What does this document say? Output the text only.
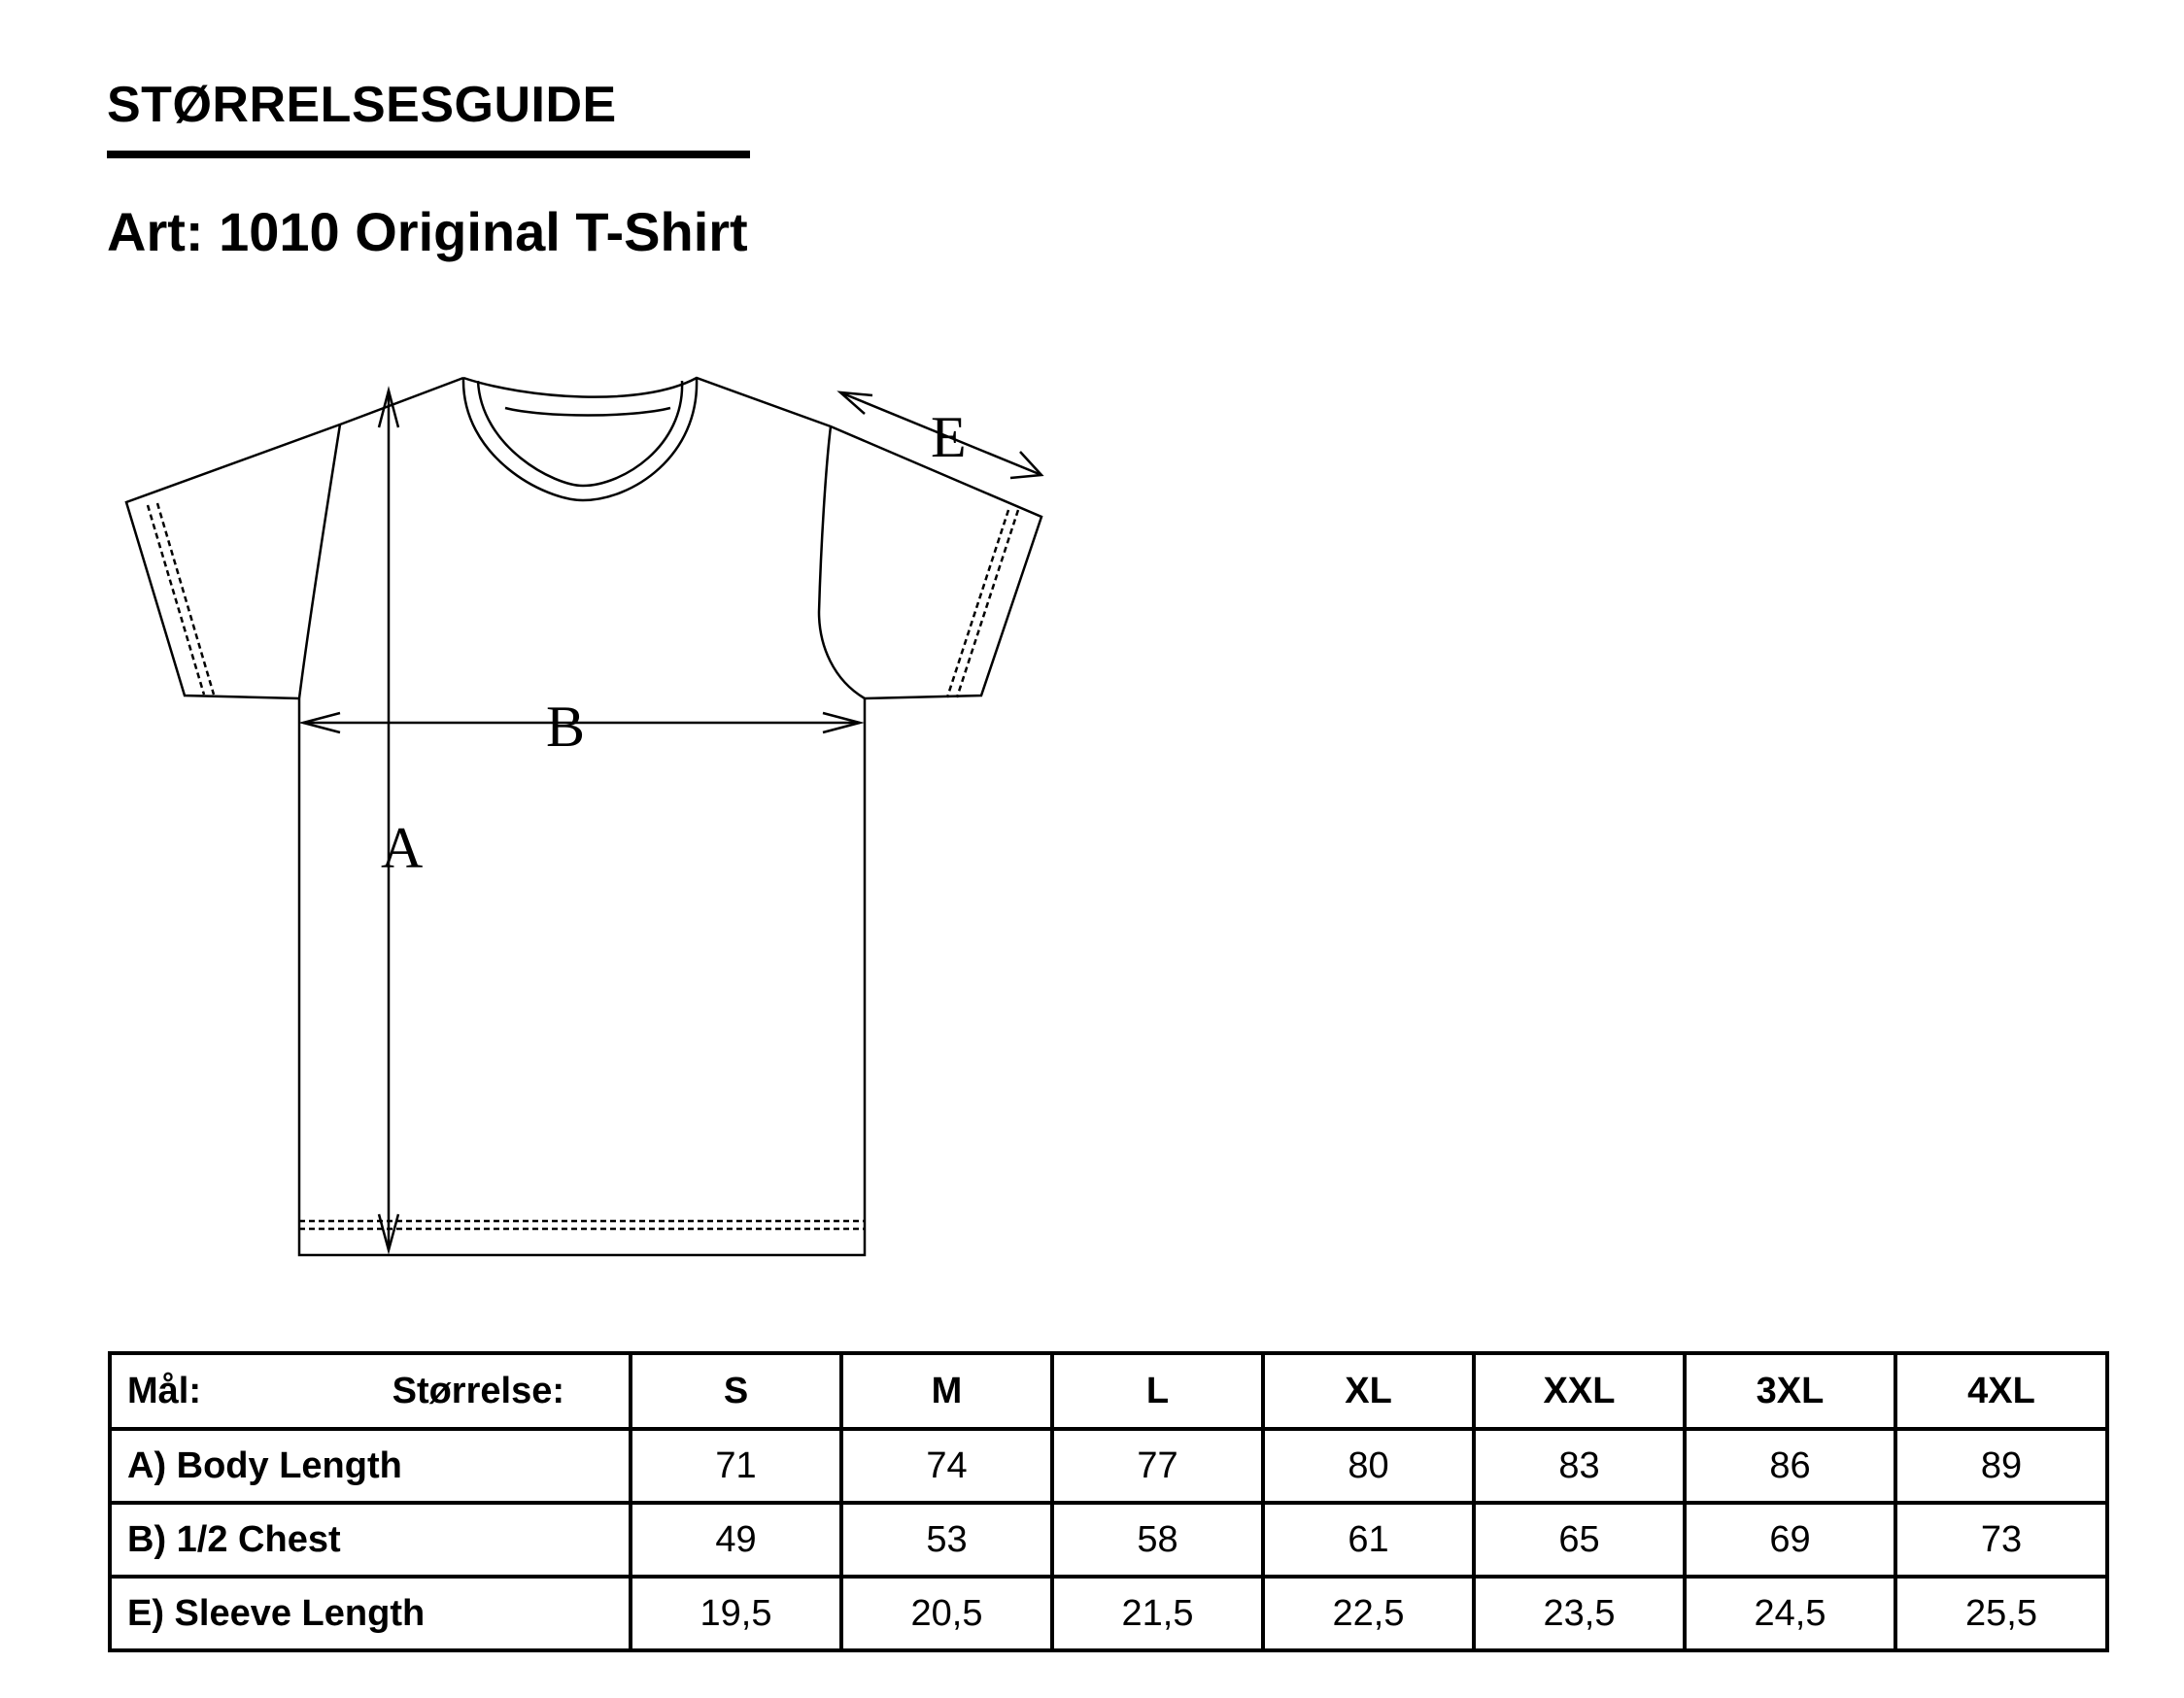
STØRRELSESGUIDE
Art: 1010 Original T-Shirt
A
B
E
Mål: Størrelse:	S	M	L	XL	XXL	3XL	4XL
A) Body Length	71	74	77	80	83	86	89
B) 1/2 Chest	49	53	58	61	65	69	73
E) Sleeve Length	19,5	20,5	21,5	22,5	23,5	24,5	25,5
